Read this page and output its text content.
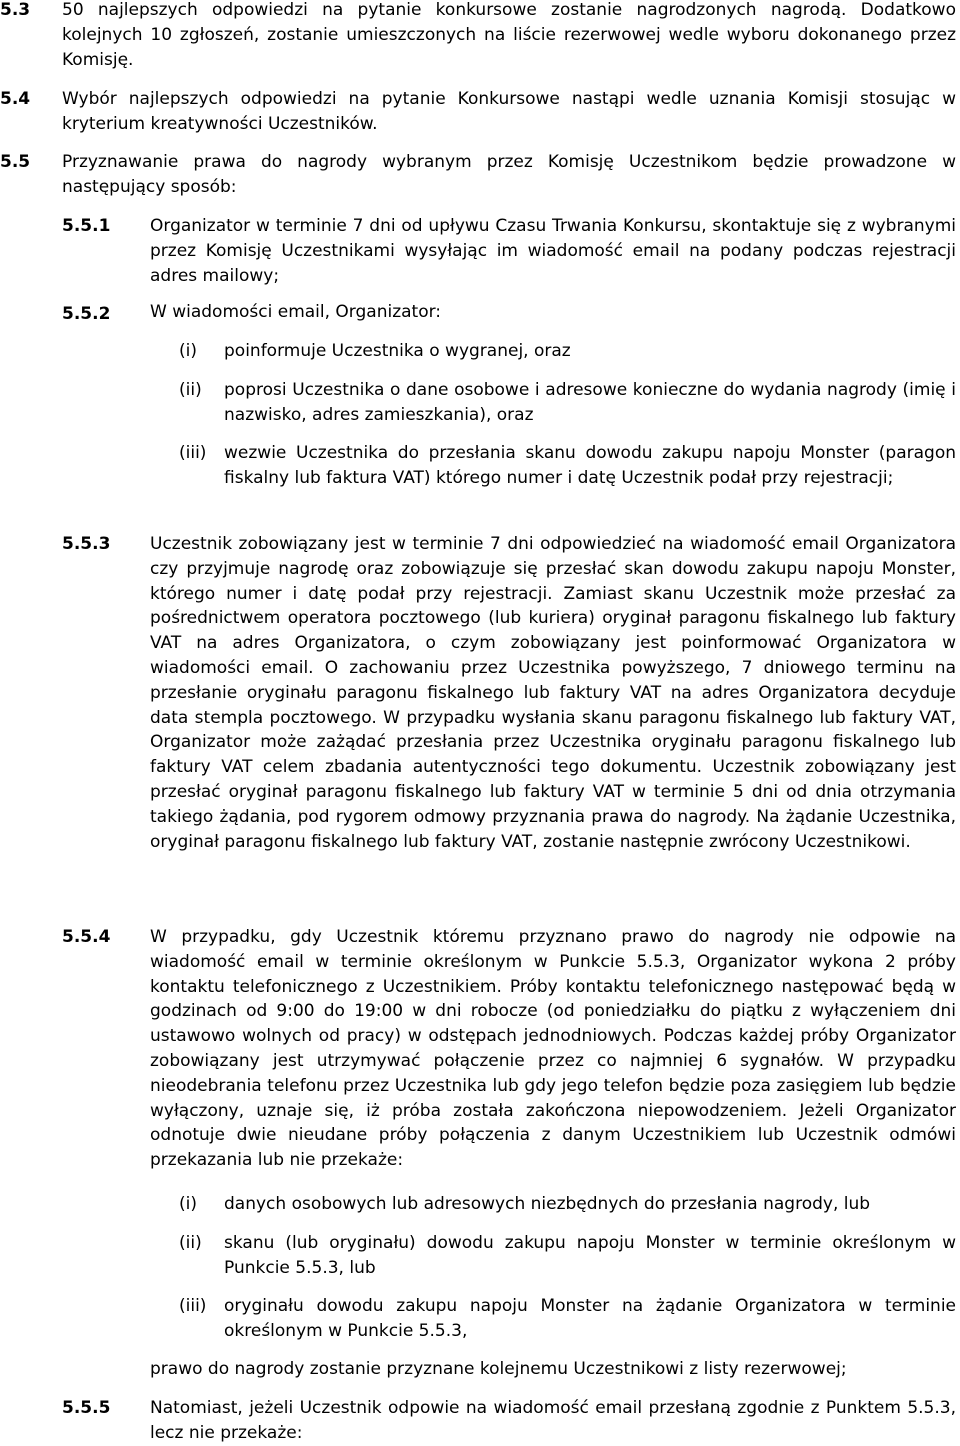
5.3 50 najlepszych odpowiedzi na pytanie konkursowe zostanie nagrodzonych nagrodą. Dodatkowo kolejnych 10 zgłoszeń, zostanie umieszczonych na liście rezerwowej wedle wyboru dokonanego przez Komisję.
5.4 Wybór najlepszych odpowiedzi na pytanie Konkursowe nastąpi wedle uznania Komisji stosując w kryterium kreatywności Uczestników.
5.5 Przyznawanie prawa do nagrody wybranym przez Komisję Uczestnikom będzie prowadzone w następujący sposób:
5.5.1 Organizator w terminie 7 dni od upływu Czasu Trwania Konkursu, skontaktuje się z wybranymi przez Komisję Uczestnikami wysyłając im wiadomość email na podany podczas rejestracji adres mailowy;
5.5.2 W wiadomości email, Organizator:
(i) poinformuje Uczestnika o wygranej, oraz
(ii) poprosi Uczestnika o dane osobowe i adresowe konieczne do wydania nagrody (imię i nazwisko, adres zamieszkania), oraz
(iii) wezwie Uczestnika do przesłania skanu dowodu zakupu napoju Monster (paragon fiskalny lub faktura VAT) którego numer i datę Uczestnik podał przy rejestracji;
5.5.3 Uczestnik zobowiązany jest w terminie 7 dni odpowiedzieć na wiadomość email Organizatora czy przyjmuje nagrodę oraz zobowiązuje się przesłać skan dowodu zakupu napoju Monster, którego numer i datę podał przy rejestracji. Zamiast skanu Uczestnik może przesłać za pośrednictwem operatora pocztowego (lub kuriera) oryginał paragonu fiskalnego lub faktury VAT na adres Organizatora, o czym zobowiązany jest poinformować Organizatora w wiadomości email. O zachowaniu przez Uczestnika powyższego, 7 dniowego terminu na przesłanie oryginału paragonu fiskalnego lub faktury VAT na adres Organizatora decyduje data stempla pocztowego. W przypadku wysłania skanu paragonu fiskalnego lub faktury VAT, Organizator może zażądać przesłania przez Uczestnika oryginału paragonu fiskalnego lub faktury VAT celem zbadania autentyczności tego dokumentu. Uczestnik zobowiązany jest przesłać oryginał paragonu fiskalnego lub faktury VAT w terminie 5 dni od dnia otrzymania takiego żądania, pod rygorem odmowy przyznania prawa do nagrody. Na żądanie Uczestnika, oryginał paragonu fiskalnego lub faktury VAT, zostanie następnie zwrócony Uczestnikowi.
5.5.4 W przypadku, gdy Uczestnik któremu przyznano prawo do nagrody nie odpowie na wiadomość email w terminie określonym w Punkcie 5.5.3, Organizator wykona 2 próby kontaktu telefonicznego z Uczestnikiem. Próby kontaktu telefonicznego następować będą w godzinach od 9:00 do 19:00 w dni robocze (od poniedziałku do piątku z wyłączeniem dni ustawowo wolnych od pracy) w odstępach jednodniowych. Podczas każdej próby Organizator zobowiązany jest utrzymywać połączenie przez co najmniej 6 sygnałów. W przypadku nieodebrania telefonu przez Uczestnika lub gdy jego telefon będzie poza zasięgiem lub będzie wyłączony, uznaje się, iż próba została zakończona niepowodzeniem. Jeżeli Organizator odnotuje dwie nieudane próby połączenia z danym Uczestnikiem lub Uczestnik odmówi przekazania lub nie przekaże:
(i) danych osobowych lub adresowych niezbędnych do przesłania nagrody, lub
(ii) skanu (lub oryginału) dowodu zakupu napoju Monster w terminie określonym w Punkcie 5.5.3, lub
(iii) oryginału dowodu zakupu napoju Monster na żądanie Organizatora w terminie określonym w Punkcie 5.5.3,
prawo do nagrody zostanie przyznane kolejnemu Uczestnikowi z listy rezerwowej;
5.5.5 Natomiast, jeżeli Uczestnik odpowie na wiadomość email przesłaną zgodnie z Punktem 5.5.3, lecz nie przekaże:
